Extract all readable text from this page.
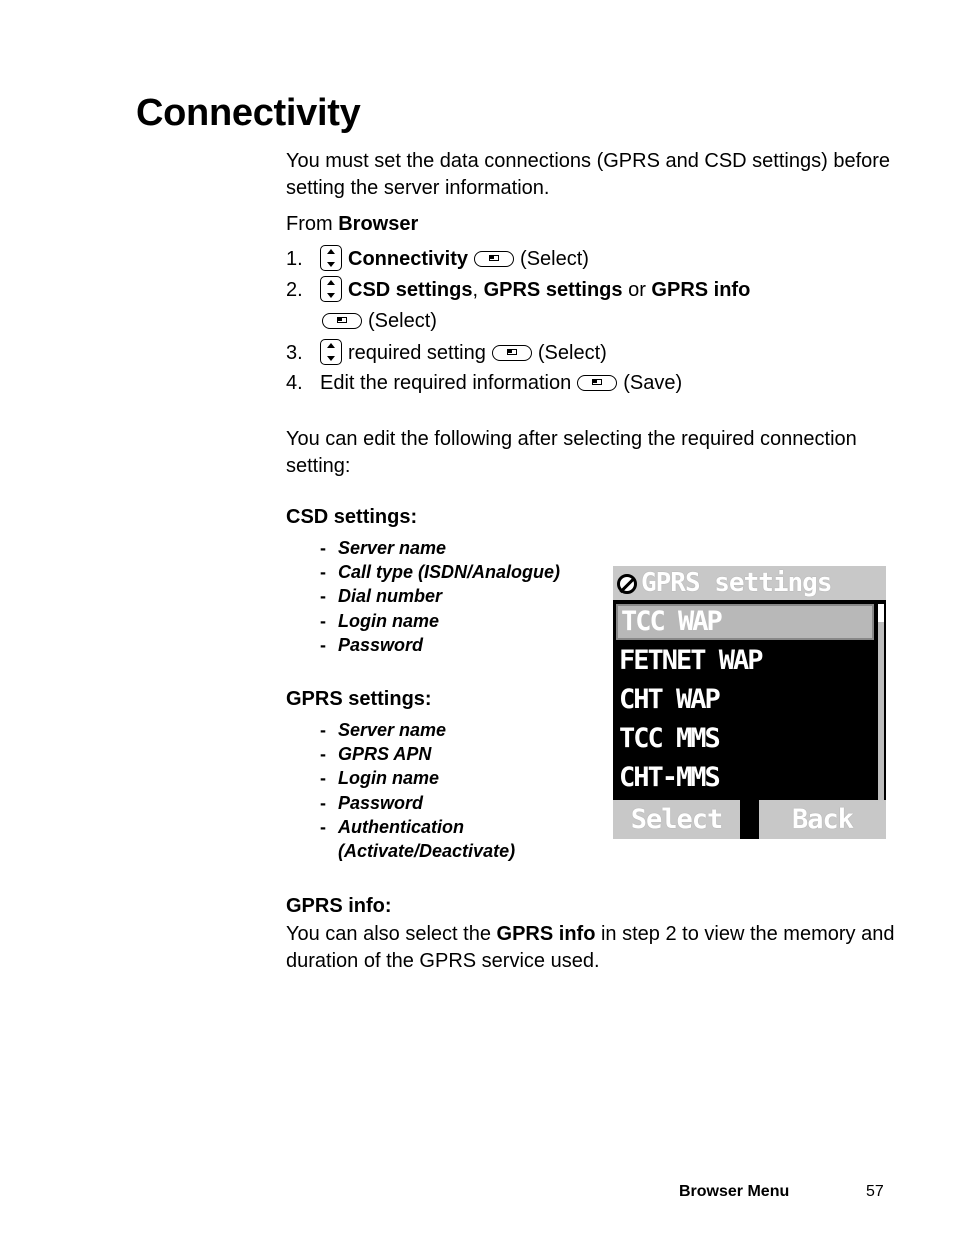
Connectivity
You must set the data connections (GPRS and CSD settings) before setting the server information.
From Browser
1. Connectivity	(Select)
2. CSD settings, GPRS settings or GPRS info
(Select)
3. required setting	(Select)
4. Edit the required information	(Save)
You can edit the following after selecting the required connection setting:
CSD settings:
- Server name
- Call type (ISDN/Analogue)
- Dial number
- Login name
- Password
GPRS settings:
- Server name
- GPRS APN
- Login name
- Password
- Authentication
(Activate/Deactivate)
GPRS info:
You can also select the GPRS info in step 2 to view the memory and duration of the GPRS service used.
GPRS settings
TCC WAP
FETNET WAP
CHT WAP
TCC MMS
CHT-MMS
Select	Back
Browser Menu	57
